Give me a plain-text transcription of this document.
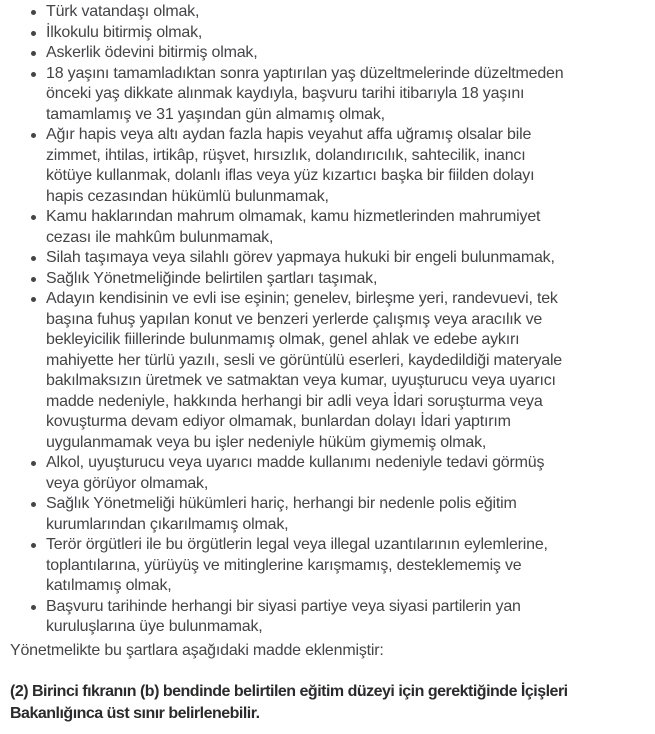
Türk vatandaşı olmak,
İlkokulu bitirmiş olmak,
Askerlik ödevini bitirmiş olmak,
18 yaşını tamamladıktan sonra yaptırılan yaş düzeltmelerinde düzeltmeden
önceki yaş dikkate alınmak kaydıyla, başvuru tarihi itibarıyla 18 yaşını
tamamlamış ve 31 yaşından gün almamış olmak,
Ağır hapis veya altı aydan fazla hapis veyahut affa uğramış olsalar bile
zimmet, ihtilas, irtikâp, rüşvet, hırsızlık, dolandırıcılık, sahtecilik, inancı
kötüye kullanmak, dolanlı iflas veya yüz kızartıcı başka bir fiilden dolayı
hapis cezasından hükümlü bulunmamak,
Kamu haklarından mahrum olmamak, kamu hizmetlerinden mahrumiyet
cezası ile mahkûm bulunmamak,
Silah taşımaya veya silahlı görev yapmaya hukuki bir engeli bulunmamak,
Sağlık Yönetmeliğinde belirtilen şartları taşımak,
Adayın kendisinin ve evli ise eşinin; genelev, birleşme yeri, randevuevi, tek
başına fuhuş yapılan konut ve benzeri yerlerde çalışmış veya aracılık ve
bekleyicilik fiillerinde bulunmamış olmak, genel ahlak ve edebe aykırı
mahiyette her türlü yazılı, sesli ve görüntülü eserleri, kaydedildiği materyale
bakılmaksızın üretmek ve satmaktan veya kumar, uyuşturucu veya uyarıcı
madde nedeniyle, hakkında herhangi bir adli veya İdari soruşturma veya
kovuşturma devam ediyor olmamak, bunlardan dolayı İdari yaptırım
uygulanmamak veya bu işler nedeniyle hüküm giymemiş olmak,
Alkol, uyuşturucu veya uyarıcı madde kullanımı nedeniyle tedavi görmüş
veya görüyor olmamak,
Sağlık Yönetmeliği hükümleri hariç, herhangi bir nedenle polis eğitim
kurumlarından çıkarılmamış olmak,
Terör örgütleri ile bu örgütlerin legal veya illegal uzantılarının eylemlerine,
toplantılarına, yürüyüş ve mitinglerine karışmamış, desteklememiş ve
katılmamış olmak,
Başvuru tarihinde herhangi bir siyasi partiye veya siyasi partilerin yan
kuruluşlarına üye bulunmamak,

Yönetmelikte bu şartlara aşağıdaki madde eklenmiştir:

(2) Birinci fıkranın (b) bendinde belirtilen eğitim düzeyi için gerektiğinde İçişleri
Bakanlığınca üst sınır belirlenebilir.
